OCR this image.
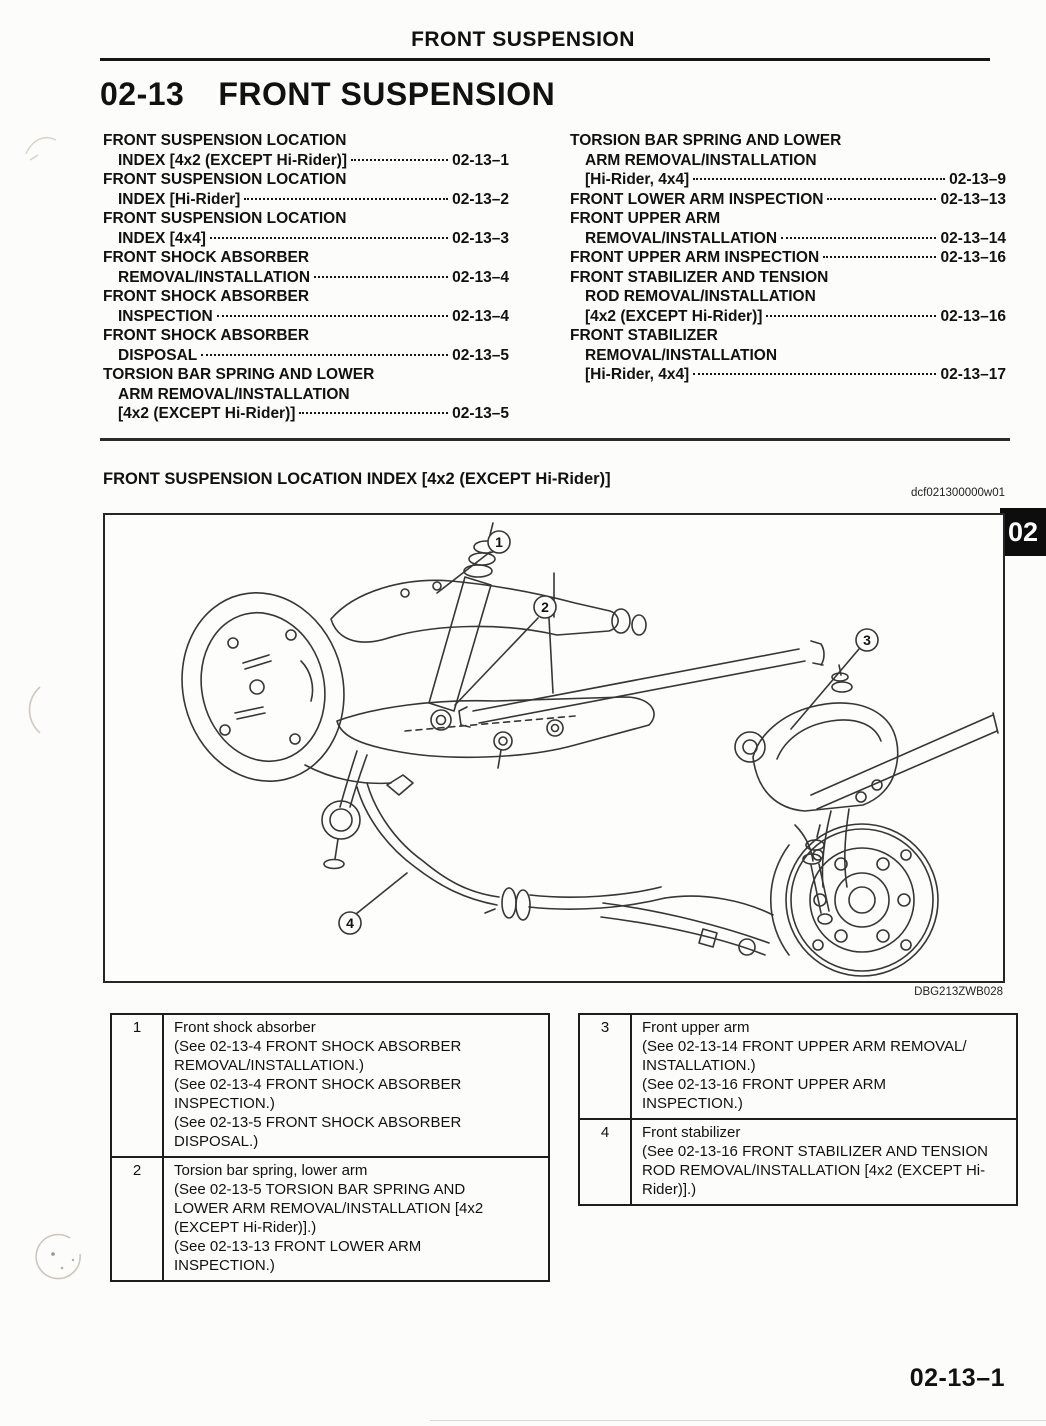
FRONT SUSPENSION
02-13 FRONT SUSPENSION
FRONT SUSPENSION LOCATION
INDEX [4x2 (EXCEPT Hi-Rider)]	02-13–1
FRONT SUSPENSION LOCATION
INDEX [Hi-Rider]	02-13–2
FRONT SUSPENSION LOCATION
INDEX [4x4]	02-13–3
FRONT SHOCK ABSORBER
REMOVAL/INSTALLATION	02-13–4
FRONT SHOCK ABSORBER
INSPECTION	02-13–4
FRONT SHOCK ABSORBER
DISPOSAL	02-13–5
TORSION BAR SPRING AND LOWER
ARM REMOVAL/INSTALLATION
[4x2 (EXCEPT Hi-Rider)]	02-13–5
TORSION BAR SPRING AND LOWER
ARM REMOVAL/INSTALLATION
[Hi-Rider, 4x4]	02-13–9
FRONT LOWER ARM INSPECTION	02-13–13
FRONT UPPER ARM
REMOVAL/INSTALLATION	02-13–14
FRONT UPPER ARM INSPECTION	02-13–16
FRONT STABILIZER AND TENSION
ROD REMOVAL/INSTALLATION
[4x2 (EXCEPT Hi-Rider)]	02-13–16
FRONT STABILIZER
REMOVAL/INSTALLATION
[Hi-Rider, 4x4]	02-13–17
FRONT SUSPENSION LOCATION INDEX [4x2 (EXCEPT Hi-Rider)]
dcf021300000w01
02
1
2
3
4
DBG213ZWB028
1	Front shock absorber
(See 02-13-4 FRONT SHOCK ABSORBER
REMOVAL/INSTALLATION.)
(See 02-13-4 FRONT SHOCK ABSORBER
INSPECTION.)
(See 02-13-5 FRONT SHOCK ABSORBER
DISPOSAL.)
2	Torsion bar spring, lower arm
(See 02-13-5 TORSION BAR SPRING AND
LOWER ARM REMOVAL/INSTALLATION [4x2
(EXCEPT Hi-Rider)].)
(See 02-13-13 FRONT LOWER ARM
INSPECTION.)
3	Front upper arm
(See 02-13-14 FRONT UPPER ARM REMOVAL/
INSTALLATION.)
(See 02-13-16 FRONT UPPER ARM
INSPECTION.)
4	Front stabilizer
(See 02-13-16 FRONT STABILIZER AND TENSION
ROD REMOVAL/INSTALLATION [4x2 (EXCEPT Hi-
Rider)].)
02-13–1
